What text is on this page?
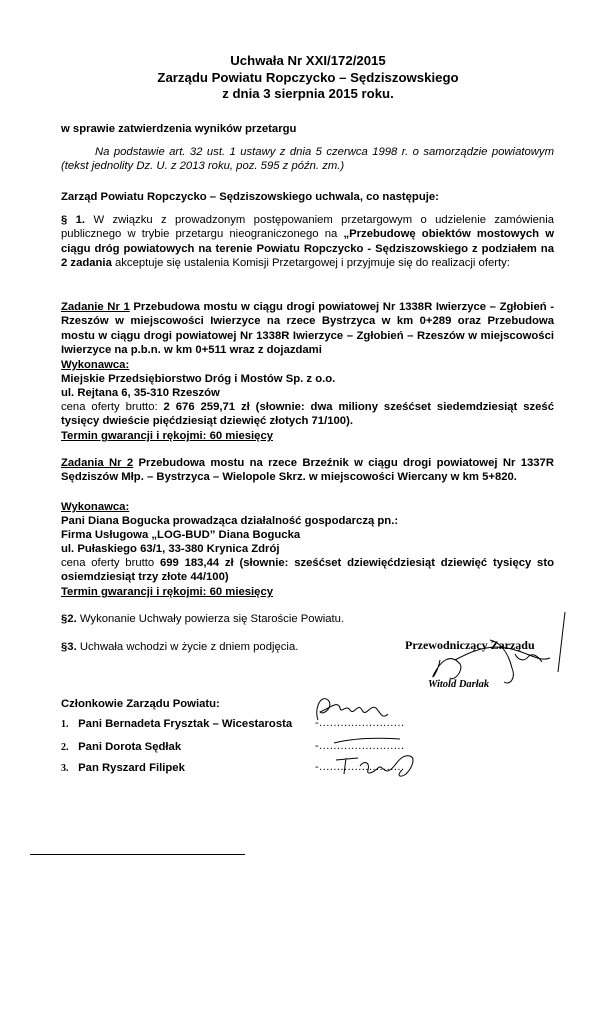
Uchwała Nr XXI/172/2015
Zarządu Powiatu Ropczycko – Sędziszowskiego
z dnia 3 sierpnia 2015 roku.
w sprawie zatwierdzenia wyników przetargu
Na podstawie art. 32 ust. 1 ustawy z dnia 5 czerwca 1998 r. o samorządzie powiatowym (tekst jednolity Dz. U. z 2013 roku, poz. 595 z późn. zm.)
Zarząd Powiatu Ropczycko – Sędziszowskiego uchwala, co następuje:
§ 1. W związku z prowadzonym postępowaniem przetargowym o udzielenie zamówienia publicznego w trybie przetargu nieograniczonego na „Przebudowę obiektów mostowych w ciągu dróg powiatowych na terenie Powiatu Ropczycko - Sędziszowskiego z podziałem na 2 zadania akceptuje się ustalenia Komisji Przetargowej i przyjmuje się do realizacji oferty:
Zadanie Nr 1 Przebudowa mostu w ciągu drogi powiatowej Nr 1338R Iwierzyce – Zgłobień - Rzeszów w miejscowości Iwierzyce na rzece Bystrzyca w km 0+289 oraz Przebudowa mostu w ciągu drogi powiatowej Nr 1338R Iwierzyce – Zgłobień – Rzeszów w miejscowości Iwierzyce na p.b.n. w km 0+511 wraz z dojazdami
Wykonawca:
Miejskie Przedsiębiorstwo Dróg i Mostów Sp. z o.o.
ul. Rejtana 6, 35-310 Rzeszów
cena oferty brutto: 2 676 259,71 zł (słownie: dwa miliony sześćset siedemdziesiąt sześć tysięcy dwieście pięćdziesiąt dziewięć złotych 71/100).
Termin gwarancji i rękojmi: 60 miesięcy
Zadania Nr 2 Przebudowa mostu na rzece Brzeźnik w ciągu drogi powiatowej Nr 1337R Sędziszów Młp. – Bystrzyca – Wielopole Skrz. w miejscowości Wiercany w km 5+820.
Wykonawca:
Pani Diana Bogucka prowadząca działalność gospodarczą pn.:
Firma Usługowa „LOG-BUD” Diana Bogucka
ul. Pułaskiego 63/1, 33-380 Krynica Zdrój
cena oferty brutto 699 183,44 zł (słownie: sześćset dziewięćdziesiąt dziewięć tysięcy sto osiemdziesiąt trzy złote 44/100)
Termin gwarancji i rękojmi: 60 miesięcy
§2. Wykonanie Uchwały powierza się Staroście Powiatu.
§3. Uchwała wchodzi w życie z dniem podjęcia.	Przewodniczący Zarządu
Witold Darłak
Członkowie Zarządu Powiatu:
1. Pani Bernadeta Frysztak – Wicestarosta
2. Pani Dorota Sędłak
3. Pan Ryszard Filipek
-........................
-........................
-........................
